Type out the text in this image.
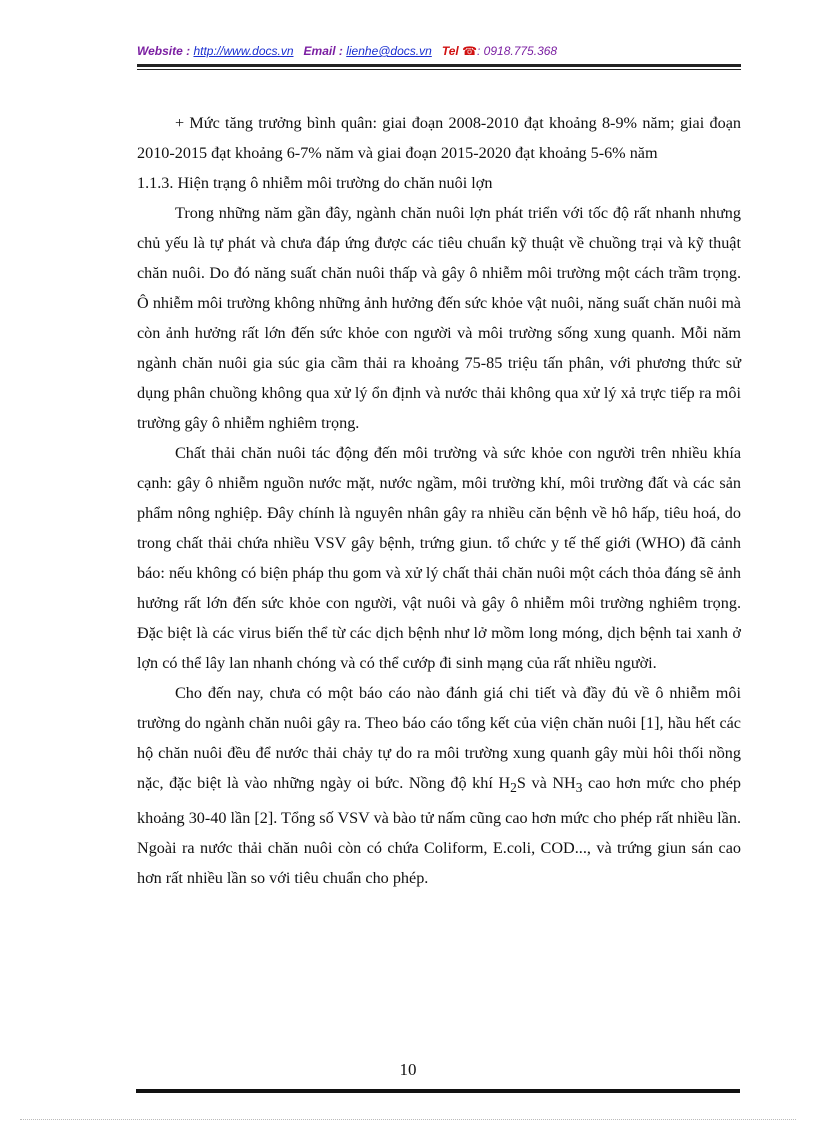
Website : http://www.docs.vn Email : lienhe@docs.vn Tel ☎: 0918.775.368

+ Mức tăng trưởng bình quân: giai đoạn 2008-2010 đạt khoảng 8-9% năm; giai đoạn 2010-2015 đạt khoảng 6-7% năm và giai đoạn 2015-2020 đạt khoảng 5-6% năm

1.1.3. Hiện trạng ô nhiễm môi trường do chăn nuôi lợn

Trong những năm gần đây, ngành chăn nuôi lợn phát triển với tốc độ rất nhanh nhưng chủ yếu là tự phát và chưa đáp ứng được các tiêu chuẩn kỹ thuật về chuồng trại và kỹ thuật chăn nuôi. Do đó năng suất chăn nuôi thấp và gây ô nhiễm môi trường một cách trầm trọng. Ô nhiễm môi trường không những ảnh hưởng đến sức khỏe vật nuôi, năng suất chăn nuôi mà còn ảnh hưởng rất lớn đến sức khỏe con người và môi trường sống xung quanh. Mỗi năm ngành chăn nuôi gia súc gia cầm thải ra khoảng 75-85 triệu tấn phân, với phương thức sử dụng phân chuồng không qua xử lý ổn định và nước thải không qua xử lý xả trực tiếp ra môi trường gây ô nhiễm nghiêm trọng.

Chất thải chăn nuôi tác động đến môi trường và sức khỏe con người trên nhiều khía cạnh: gây ô nhiễm nguồn nước mặt, nước ngầm, môi trường khí, môi trường đất và các sản phẩm nông nghiệp. Đây chính là nguyên nhân gây ra nhiều căn bệnh về hô hấp, tiêu hoá, do trong chất thải chứa nhiều VSV gây bệnh, trứng giun. tổ chức y tế thế giới (WHO) đã cảnh báo: nếu không có biện pháp thu gom và xử lý chất thải chăn nuôi một cách thỏa đáng sẽ ảnh hưởng rất lớn đến sức khỏe con người, vật nuôi và gây ô nhiễm môi trường nghiêm trọng. Đặc biệt là các virus biến thể từ các dịch bệnh như lở mồm long móng, dịch bệnh tai xanh ở lợn có thể lây lan nhanh chóng và có thể cướp đi sinh mạng của rất nhiều người.

Cho đến nay, chưa có một báo cáo nào đánh giá chi tiết và đầy đủ về ô nhiễm môi trường do ngành chăn nuôi gây ra. Theo báo cáo tổng kết của viện chăn nuôi [1], hầu hết các hộ chăn nuôi đều để nước thải chảy tự do ra môi trường xung quanh gây mùi hôi thối nồng nặc, đặc biệt là vào những ngày oi bức. Nồng độ khí $H_2S$ và $NH_3$ cao hơn mức cho phép khoảng 30-40 lần [2]. Tổng số VSV và bào tử nấm cũng cao hơn mức cho phép rất nhiều lần. Ngoài ra nước thải chăn nuôi còn có chứa Coliform, E.coli, COD..., và trứng giun sán cao hơn rất nhiều lần so với tiêu chuẩn cho phép.

10
